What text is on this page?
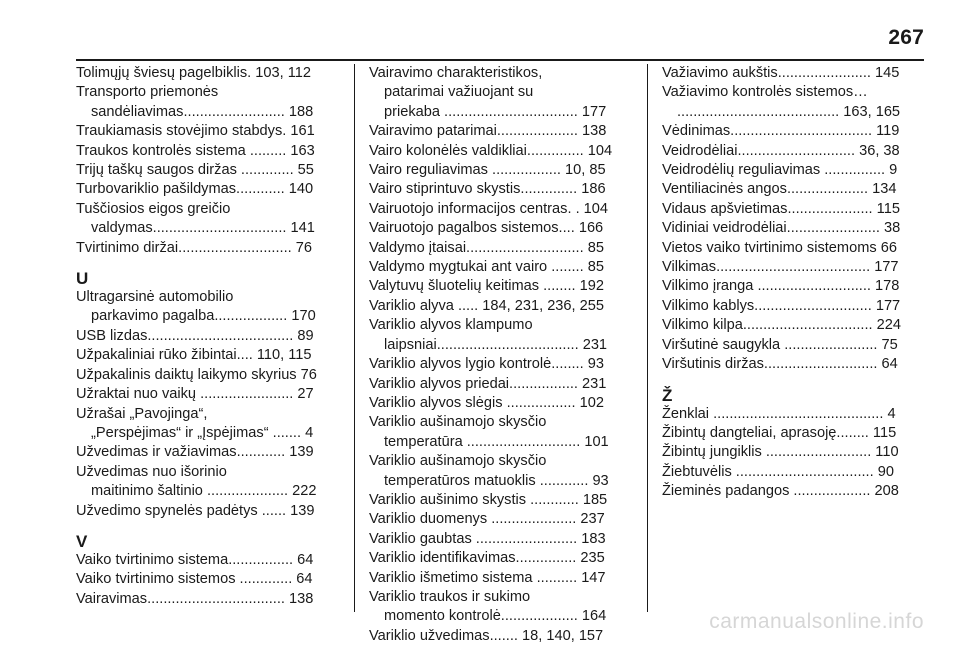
267
Tolimųjų šviesų pagelbiklis. 103, 112
Transporto priemonės
sandėliavimas......................... 188
Traukiamasis stovėjimo stabdys. 161
Traukos kontrolės sistema ......... 163
Trijų taškų saugos diržas ............. 55
Turbovariklio pašildymas............ 140
Tuščiosios eigos greičio
valdymas................................. 141
Tvirtinimo diržai............................ 76
U
Ultragarsinė automobilio
parkavimo pagalba.................. 170
USB lizdas.................................... 89
Užpakaliniai rūko žibintai.... 110, 115
Užpakalinis daiktų laikymo skyrius 76
Užraktai nuo vaikų ....................... 27
Užrašai „Pavojinga“,
„Perspėjimas“ ir „Įspėjimas“ ....... 4
Užvedimas ir važiavimas............ 139
Užvedimas nuo išorinio
maitinimo šaltinio .................... 222
Užvedimo spynelės padėtys ...... 139
V
Vaiko tvirtinimo sistema................ 64
Vaiko tvirtinimo sistemos ............. 64
Vairavimas.................................. 138
Vairavimo charakteristikos,
patarimai važiuojant su
priekaba ................................. 177
Vairavimo patarimai.................... 138
Vairo kolonėlės valdikliai.............. 104
Vairo reguliavimas ................. 10, 85
Vairo stiprintuvo skystis.............. 186
Vairuotojo informacijos centras. . 104
Vairuotojo pagalbos sistemos.... 166
Valdymo įtaisai............................. 85
Valdymo mygtukai ant vairo ........ 85
Valytuvų šluotelių keitimas ........ 192
Variklio alyva ..... 184, 231, 236, 255
Variklio alyvos klampumo
laipsniai................................... 231
Variklio alyvos lygio kontrolė........ 93
Variklio alyvos priedai................. 231
Variklio alyvos slėgis ................. 102
Variklio aušinamojo skysčio
temperatūra ............................ 101
Variklio aušinamojo skysčio
temperatūros matuoklis ............ 93
Variklio aušinimo skystis ............ 185
Variklio duomenys ..................... 237
Variklio gaubtas ......................... 183
Variklio identifikavimas............... 235
Variklio išmetimo sistema .......... 147
Variklio traukos ir sukimo
momento kontrolė................... 164
Variklio užvedimas....... 18, 140, 157
Važiavimo aukštis....................... 145
Važiavimo kontrolės sistemos…
........................................ 163, 165
Vėdinimas................................... 119
Veidrodėliai............................. 36, 38
Veidrodėlių reguliavimas ............... 9
Ventiliacinės angos.................... 134
Vidaus apšvietimas..................... 115
Vidiniai veidrodėliai....................... 38
Vietos vaiko tvirtinimo sistemoms 66
Vilkimas...................................... 177
Vilkimo įranga ............................ 178
Vilkimo kablys............................. 177
Vilkimo kilpa................................ 224
Viršutinė saugykla ....................... 75
Viršutinis diržas............................ 64
Ž
Ženklai .......................................... 4
Žibintų dangteliai, aprasoję........ 115
Žibintų jungiklis .......................... 110
Žiebtuvėlis .................................. 90
Žieminės padangos ................... 208
carmanualsonline.info
